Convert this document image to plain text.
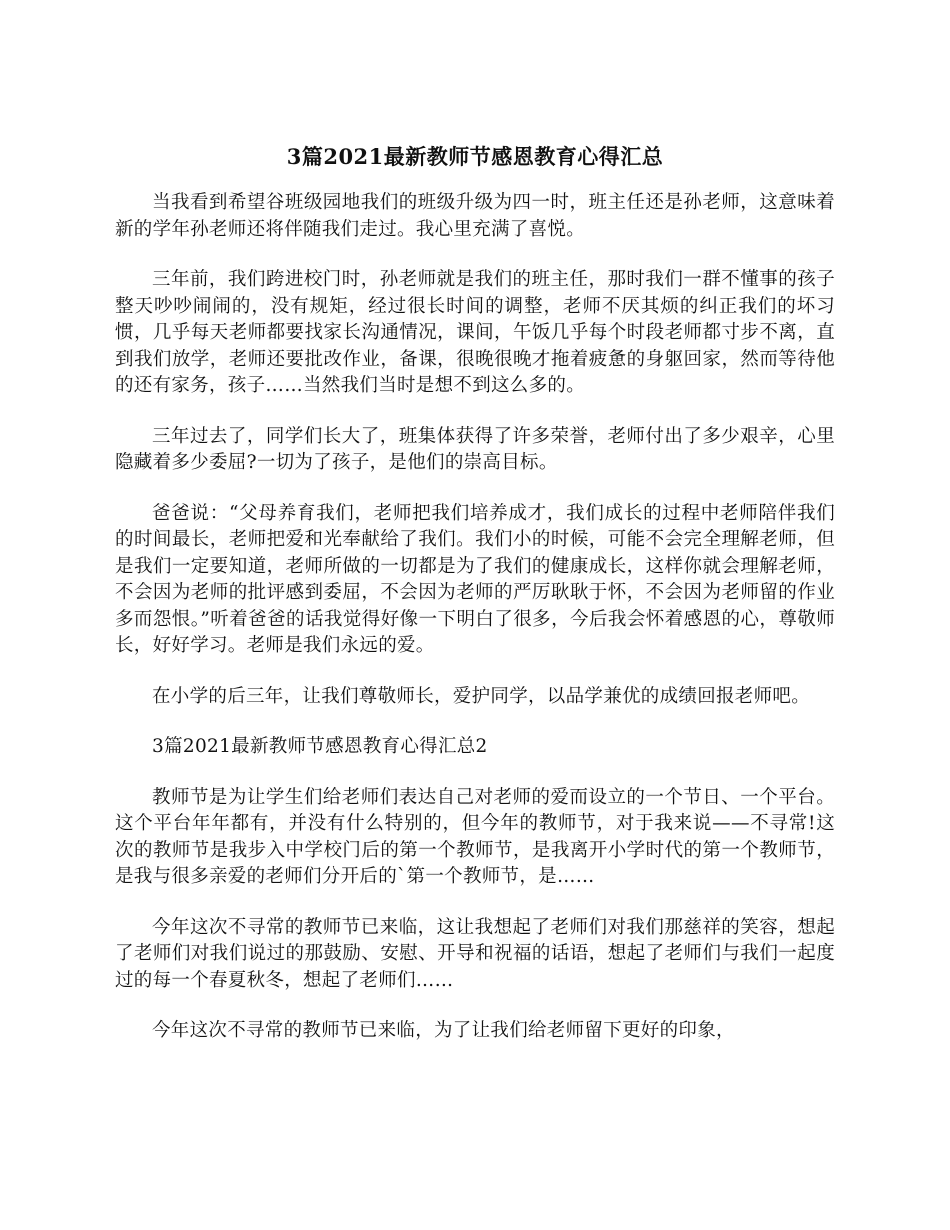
3篇2021最新教师节感恩教育心得汇总

当我看到希望谷班级园地我们的班级升级为四一时，班主任还是孙老师，这意味着新的学年孙老师还将伴随我们走过。我心里充满了喜悦。

三年前，我们跨进校门时，孙老师就是我们的班主任，那时我们一群不懂事的孩子整天吵吵闹闹的，没有规矩，经过很长时间的调整，老师不厌其烦的纠正我们的坏习惯，几乎每天老师都要找家长沟通情况，课间，午饭几乎每个时段老师都寸步不离，直到我们放学，老师还要批改作业，备课，很晚很晚才拖着疲惫的身躯回家，然而等待他的还有家务，孩子……当然我们当时是想不到这么多的。

三年过去了，同学们长大了，班集体获得了许多荣誉，老师付出了多少艰辛，心里隐藏着多少委屈?一切为了孩子，是他们的崇高目标。

爸爸说：“父母养育我们，老师把我们培养成才，我们成长的过程中老师陪伴我们的时间最长，老师把爱和光奉献给了我们。我们小的时候，可能不会完全理解老师，但是我们一定要知道，老师所做的一切都是为了我们的健康成长，这样你就会理解老师，不会因为老师的批评感到委屈，不会因为老师的严厉耿耿于怀，不会因为老师留的作业多而怨恨。”听着爸爸的话我觉得好像一下明白了很多，今后我会怀着感恩的心，尊敬师长，好好学习。老师是我们永远的爱。

在小学的后三年，让我们尊敬师长，爱护同学，以品学兼优的成绩回报老师吧。

3篇2021最新教师节感恩教育心得汇总2

教师节是为让学生们给老师们表达自己对老师的爱而设立的一个节日、一个平台。这个平台年年都有，并没有什么特别的，但今年的教师节，对于我来说——不寻常!这次的教师节是我步入中学校门后的第一个教师节，是我离开小学时代的第一个教师节，是我与很多亲爱的老师们分开后的`第一个教师节，是……

今年这次不寻常的教师节已来临，这让我想起了老师们对我们那慈祥的笑容，想起了老师们对我们说过的那鼓励、安慰、开导和祝福的话语，想起了老师们与我们一起度过的每一个春夏秋冬，想起了老师们……

今年这次不寻常的教师节已来临，为了让我们给老师留下更好的印象，
